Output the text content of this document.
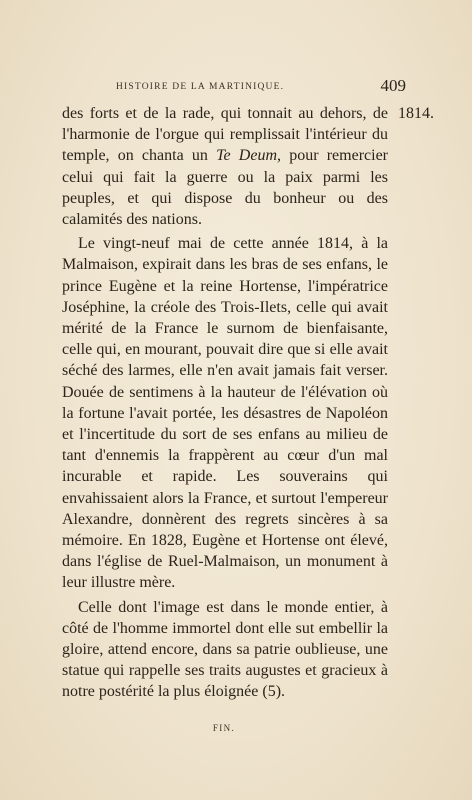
HISTOIRE DE LA MARTINIQUE.	409
1814.

des forts et de la rade, qui tonnait au dehors, de l'harmonie de l'orgue qui remplissait l'intérieur du temple, on chanta un Te Deum, pour remercier celui qui fait la guerre ou la paix parmi les peuples, et qui dispose du bonheur ou des calamités des nations.

Le vingt-neuf mai de cette année 1814, à la Malmaison, expirait dans les bras de ses enfans, le prince Eugène et la reine Hortense, l'impératrice Joséphine, la créole des Trois-Ilets, celle qui avait mérité de la France le surnom de bienfaisante, celle qui, en mourant, pouvait dire que si elle avait séché des larmes, elle n'en avait jamais fait verser. Douée de sentimens à la hauteur de l'élévation où la fortune l'avait portée, les désastres de Napoléon et l'incertitude du sort de ses enfans au milieu de tant d'ennemis la frappèrent au cœur d'un mal incurable et rapide. Les souverains qui envahissaient alors la France, et surtout l'empereur Alexandre, donnèrent des regrets sincères à sa mémoire. En 1828, Eugène et Hortense ont élevé, dans l'église de Ruel-Malmaison, un monument à leur illustre mère.

Celle dont l'image est dans le monde entier, à côté de l'homme immortel dont elle sut embellir la gloire, attend encore, dans sa patrie oublieuse, une statue qui rappelle ses traits augustes et gracieux à notre postérité la plus éloignée (5).

FIN.
